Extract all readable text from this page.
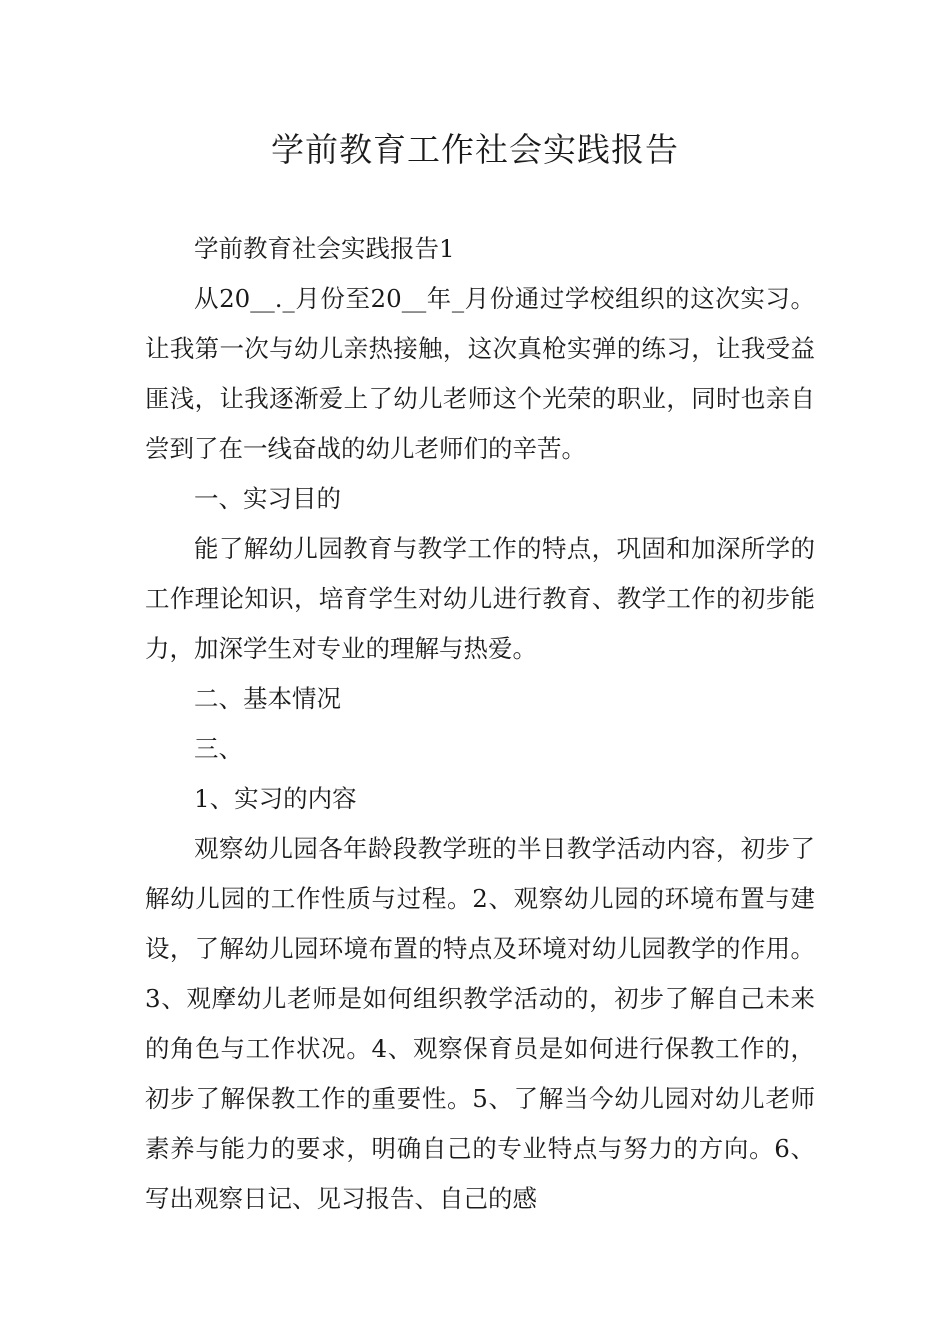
学前教育工作社会实践报告

学前教育社会实践报告1

从20__._月份至20__年_月份通过学校组织的这次实习。让我第一次与幼儿亲热接触，这次真枪实弹的练习，让我受益匪浅，让我逐渐爱上了幼儿老师这个光荣的职业，同时也亲自尝到了在一线奋战的幼儿老师们的辛苦。

一、实习目的

能了解幼儿园教育与教学工作的特点，巩固和加深所学的工作理论知识，培育学生对幼儿进行教育、教学工作的初步能力，加深学生对专业的理解与热爱。

二、基本情况

三、

1、实习的内容

观察幼儿园各年龄段教学班的半日教学活动内容，初步了解幼儿园的工作性质与过程。2、观察幼儿园的环境布置与建设，了解幼儿园环境布置的特点及环境对幼儿园教学的作用。3、观摩幼儿老师是如何组织教学活动的，初步了解自己未来的角色与工作状况。4、观察保育员是如何进行保教工作的，初步了解保教工作的重要性。5、了解当今幼儿园对幼儿老师素养与能力的要求，明确自己的专业特点与努力的方向。6、写出观察日记、见习报告、自己的感
